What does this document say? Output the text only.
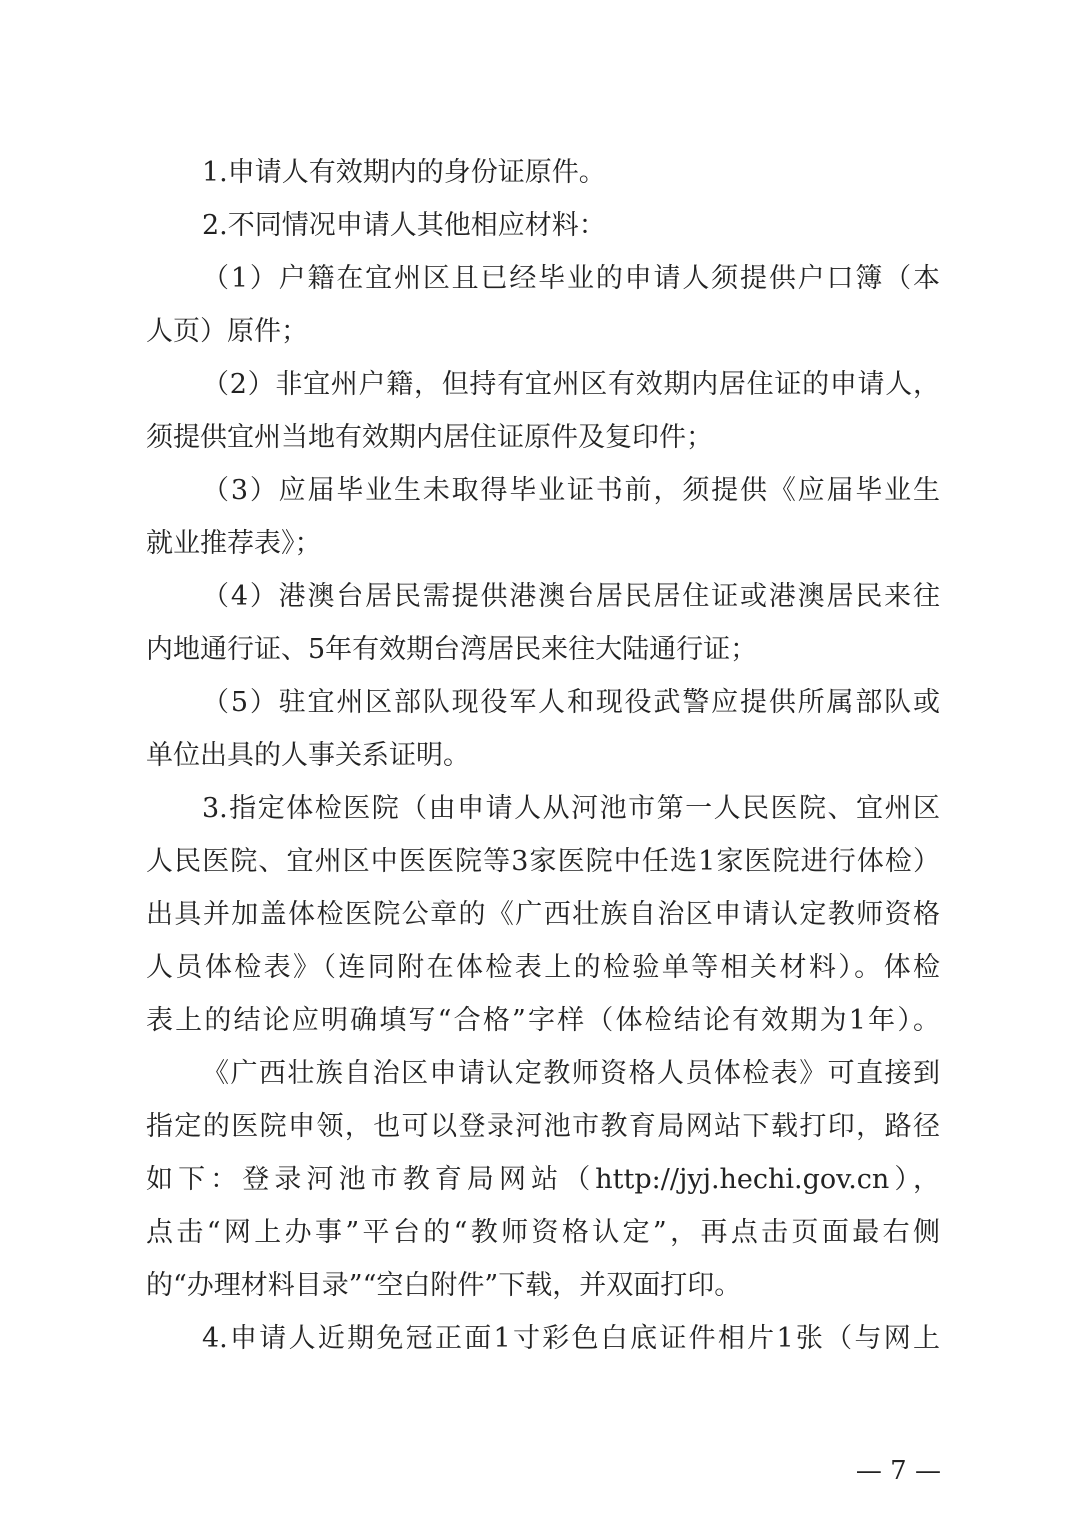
1.申请人有效期内的身份证原件。
2.不同情况申请人其他相应材料：
（1）户籍在宜州区且已经毕业的申请人须提供户口簿（本
人页）原件；
（2）非宜州户籍，但持有宜州区有效期内居住证的申请人，
须提供宜州当地有效期内居住证原件及复印件；
（3）应届毕业生未取得毕业证书前，须提供《应届毕业生
就业推荐表》；
（4）港澳台居民需提供港澳台居民居住证或港澳居民来往
内地通行证、5年有效期台湾居民来往大陆通行证；
（5）驻宜州区部队现役军人和现役武警应提供所属部队或
单位出具的人事关系证明。
3.指定体检医院（由申请人从河池市第一人民医院、宜州区
人民医院、宜州区中医医院等3家医院中任选1家医院进行体检）
出具并加盖体检医院公章的《广西壮族自治区申请认定教师资格
人员体检表》（连同附在体检表上的检验单等相关材料）。体检
表上的结论应明确填写“合格”字样（体检结论有效期为1年）。
《广西壮族自治区申请认定教师资格人员体检表》可直接到
指定的医院申领，也可以登录河池市教育局网站下载打印，路径
如下：登录河池市教育局网站（http://jyj.hechi.gov.cn），
点击“网上办事”平台的“教师资格认定”，再点击页面最右侧
的“办理材料目录”“空白附件”下载，并双面打印。
4.申请人近期免冠正面1寸彩色白底证件相片1张（与网上
— 7 —
